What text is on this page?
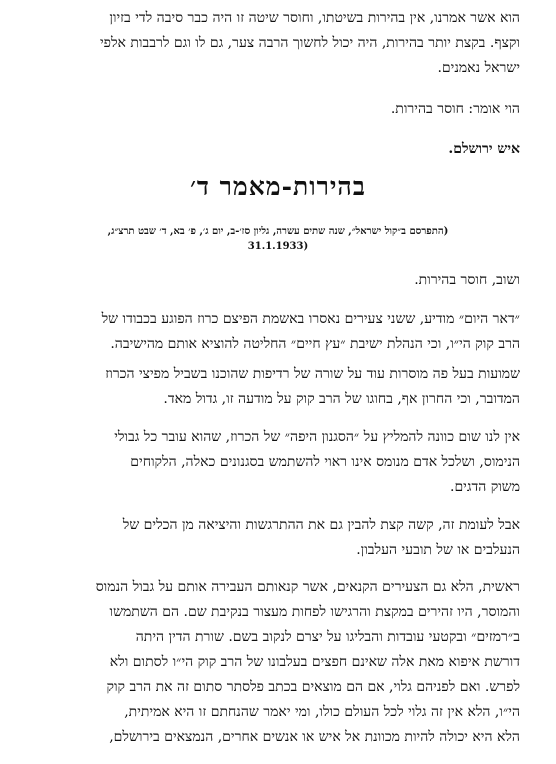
הוא אשר אמרנו, אין בהירות בשיטתו, וחוסר שיטה זו היה כבר סיבה לדי בזיון

וקצף. בקצת יותר בהירות, היה יכול לחשוך הרבה צער, גם לו וגם לרבבות אלפי

ישראל נאמנים.

הוי אומר: חוסר בהירות.

איש ירושלם.

בהירות-מאמר ד׳

(התפרסם ב״קול ישראל״, שנה שתים עשרה, גליון סז׳-ב, יום ג׳, פ׳ בא, ד׳ שבט תרצ״ג,

(31.1.1933

ושוב, חוסר בהירות.

״דאר היום״ מודיע, ששני צעירים נאסרו באשמת הפיצם כרוז הפוגע בכבודו של

הרב קוק הי״ו, וכי הנהלת ישיבת ״עץ חיים״ החליטה להוציא אותם מהישיבה.

שמועות בעל פה מוסרות עוד על שורה של רדיפות שהוכנו בשביל מפיצי הכרוז

המדובר, וכי החרון אף, בחוגו של הרב קוק על מודעה זו, גדול מאד.

אין לנו שום כוונה להמליץ על ״הסגנון היפה״ של הכרוז, שהוא עובר כל גבולי

הנימוס, ושלכל אדם מנומס אינו ראוי להשתמש בסגנונים כאלה, הלקוחים

משוק הדגים.

אבל לעומת זה, קשה קצת להבין גם את ההתרגשות והיציאה מן הכלים של

הנעלבים או של תובעי העלבון.

ראשית, הלא גם הצעירים הקנאים, אשר קנאותם העבירה אותם על גבול הנמוס

והמוסר, היו זהירים במקצת והרגישו לפחות מעצור בנקיבת שם. הם השתמשו

ב״רמזים״ ובקטעי עובדות והבליגו על יצרם לנקוב בשם. שורת הדין היתה

דורשת איפוא מאת אלה שאינם חפצים בעלבונו של הרב קוק הי״ו לסתום ולא

לפרש. ואם לפניהם גלוי, אם הם מוצאים בכתב פלסתר סתום זה את הרב קוק

הי״ו, הלא אין זה גלוי לכל העולם כולו, ומי יאמר שהנחתם זו היא אמיתית,

הלא היא יכולה להיות מכוונת אל איש או אנשים אחרים, הנמצאים בירושלם,
